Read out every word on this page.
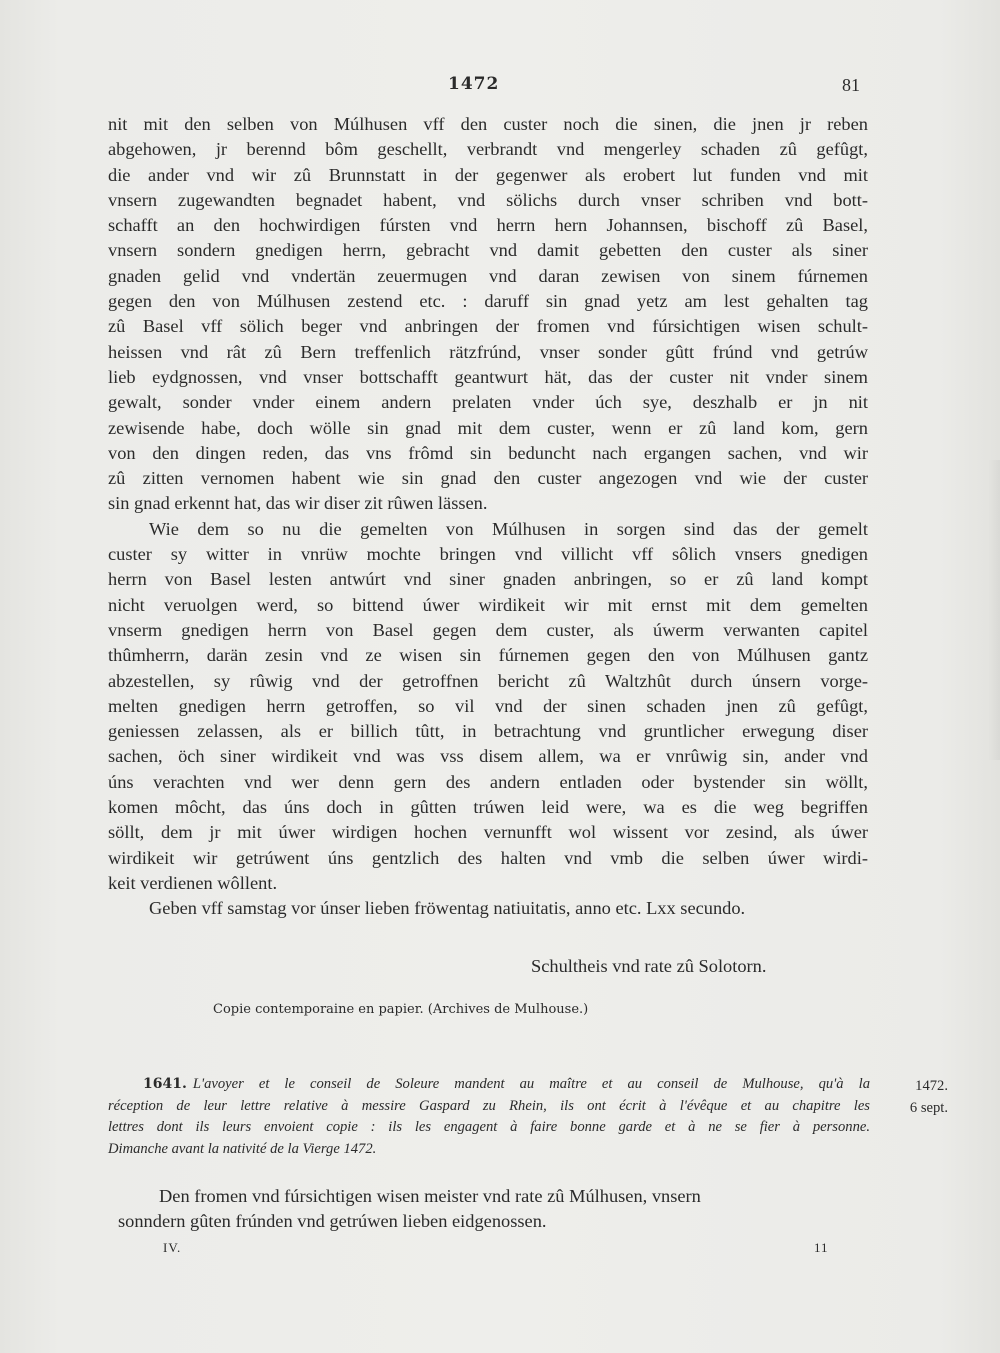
1472	81
nit mit den selben von Múlhusen vff den custer noch die sinen, die jnen jr reben
abgehowen, jr berennd bôm geschellt, verbrandt vnd mengerley schaden zû gefûgt,
die ander vnd wir zû Brunnstatt in der gegenwer als erobert lut funden vnd mit
vnsern zugewandten begnadet habent, vnd sölichs durch vnser schriben vnd bott-
schafft an den hochwirdigen fúrsten vnd herrn hern Johannsen, bischoff zû Basel,
vnsern sondern gnedigen herrn, gebracht vnd damit gebetten den custer als siner
gnaden gelid vnd vndertän zeuermugen vnd daran zewisen von sinem fúrnemen
gegen den von Múlhusen zestend etc. : daruff sin gnad yetz am lest gehalten tag
zû Basel vff sölich beger vnd anbringen der fromen vnd fúrsichtigen wisen schult-
heissen vnd rât zû Bern treffenlich rätzfrúnd, vnser sonder gûtt frúnd vnd getrúw
lieb eydgnossen, vnd vnser bottschafft geantwurt hät, das der custer nit vnder sinem
gewalt, sonder vnder einem andern prelaten vnder úch sye, deszhalb er jn nit
zewisende habe, doch wölle sin gnad mit dem custer, wenn er zû land kom, gern
von den dingen reden, das vns frômd sin beduncht nach ergangen sachen, vnd wir
zû zitten vernomen habent wie sin gnad den custer angezogen vnd wie der custer
sin gnad erkennt hat, das wir diser zit rûwen lässen.
Wie dem so nu die gemelten von Múlhusen in sorgen sind das der gemelt
custer sy witter in vnrüw mochte bringen vnd villicht vff sôlich vnsers gnedigen
herrn von Basel lesten antwúrt vnd siner gnaden anbringen, so er zû land kompt
nicht veruolgen werd, so bittend úwer wirdikeit wir mit ernst mit dem gemelten
vnserm gnedigen herrn von Basel gegen dem custer, als úwerm verwanten capitel
thûmherrn, darän zesin vnd ze wisen sin fúrnemen gegen den von Múlhusen gantz
abzestellen, sy rûwig vnd der getroffnen bericht zû Waltzhût durch únsern vorge-
melten gnedigen herrn getroffen, so vil vnd der sinen schaden jnen zû gefûgt,
geniessen zelassen, als er billich tûtt, in betrachtung vnd gruntlicher erwegung diser
sachen, öch siner wirdikeit vnd was vss disem allem, wa er vnrûwig sin, ander vnd
úns verachten vnd wer denn gern des andern entladen oder bystender sin wöllt,
komen môcht, das úns doch in gûtten trúwen leid were, wa es die weg begriffen
söllt, dem jr mit úwer wirdigen hochen vernunfft wol wissent vor zesind, als úwer
wirdikeit wir getrúwent úns gentzlich des halten vnd vmb die selben úwer wirdi-
keit verdienen wôllent.
Geben vff samstag vor únser lieben fröwentag natiuitatis, anno etc. Lxx secundo.
Schultheis vnd rate zû Solotorn.
Copie contemporaine en papier. (Archives de Mulhouse.)
1641. L'avoyer et le conseil de Soleure mandent au maître et au conseil de Mulhouse, qu'à la
réception de leur lettre relative à messire Gaspard zu Rhein, ils ont écrit à l'évêque et au chapitre les
lettres dont ils leurs envoient copie : ils les engagent à faire bonne garde et à ne se fier à personne.
Dimanche avant la nativité de la Vierge 1472.
1472.
6 sept.
Den fromen vnd fúrsichtigen wisen meister vnd rate zû Múlhusen, vnsern
sonndern gûten frúnden vnd getrúwen lieben eidgenossen.
IV.	11
